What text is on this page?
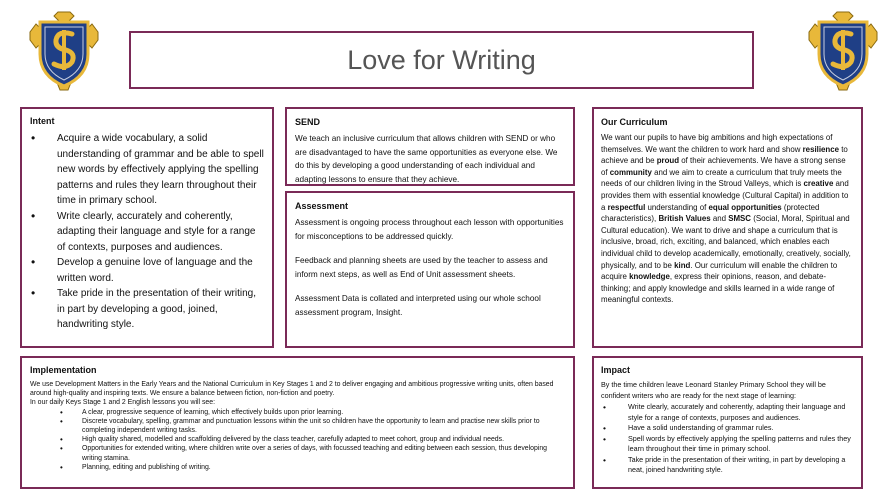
Love for Writing
Intent
• Acquire a wide vocabulary, a solid understanding of grammar and be able to spell new words by effectively applying the spelling patterns and rules they learn throughout their time in primary school.
• Write clearly, accurately and coherently, adapting their language and style for a range of contexts, purposes and audiences.
• Develop a genuine love of language and the written word.
• Take pride in the presentation of their writing, in part by developing a good, joined, handwriting style.
SEND

We teach an inclusive curriculum that allows children with SEND or who are disadvantaged to have the same opportunities as everyone else. We do this by developing a good understanding of each individual and adapting lessons to ensure that they achieve.

Assessment

Assessment is ongoing process throughout each lesson with opportunities for misconceptions to be addressed quickly.

Feedback and planning sheets are used by the teacher to assess and inform next steps, as well as End of Unit assessment sheets.

Assessment Data is collated and interpreted using our whole school assessment program, Insight.

Our Curriculum

We want our pupils to have big ambitions and high expectations of themselves. We want the children to work hard and show resilience to achieve and be proud of their achievements. We have a strong sense of community and we aim to create a curriculum that truly meets the needs of our children living in the Stroud Valleys, which is creative and provides them with essential knowledge (Cultural Capital) in addition to a respectful understanding of equal opportunities (protected characteristics), British Values and SMSC (Social, Moral, Spiritual and Cultural education). We want to drive and shape a curriculum that is inclusive, broad, rich, exciting, and balanced, which enables each individual child to develop academically, emotionally, creatively, socially, physically, and to be kind. Our curriculum will enable the children to acquire knowledge, express their opinions, reason, and debate-thinking; and apply knowledge and skills learned in a wide range of meaningful contexts.

Implementation

We use Development Matters in the Early Years and the National Curriculum in Key Stages 1 and 2 to deliver engaging and ambitious progressive writing units, often based around high-quality and inspiring texts. We ensure a balance between fiction, non-fiction and poetry.

In our daily Keys Stage 1 and 2 English lessons you will see:

• A clear, progressive sequence of learning, which effectively builds upon prior learning.
• Discrete vocabulary, spelling, grammar and punctuation lessons within the unit so children have the opportunity to learn and practise new skills prior to completing independent writing tasks.
• High quality shared, modelled and scaffolding delivered by the class teacher, carefully adapted to meet cohort, group and individual needs.
• Opportunities for extended writing, where children write over a series of days, with focussed teaching and editing between each session, thus developing writing stamina.
• Planning, editing and publishing of writing.
Impact

By the time children leave Leonard Stanley Primary School they will be confident writers who are ready for the next stage of learning:

• Write clearly, accurately and coherently, adapting their language and style for a range of contexts, purposes and audiences.
• Have a solid understanding of grammar rules.
• Spell words by effectively applying the spelling patterns and rules they learn throughout their time in primary school.
• Take pride in the presentation of their writing, in part by developing a neat, joined handwriting style.
